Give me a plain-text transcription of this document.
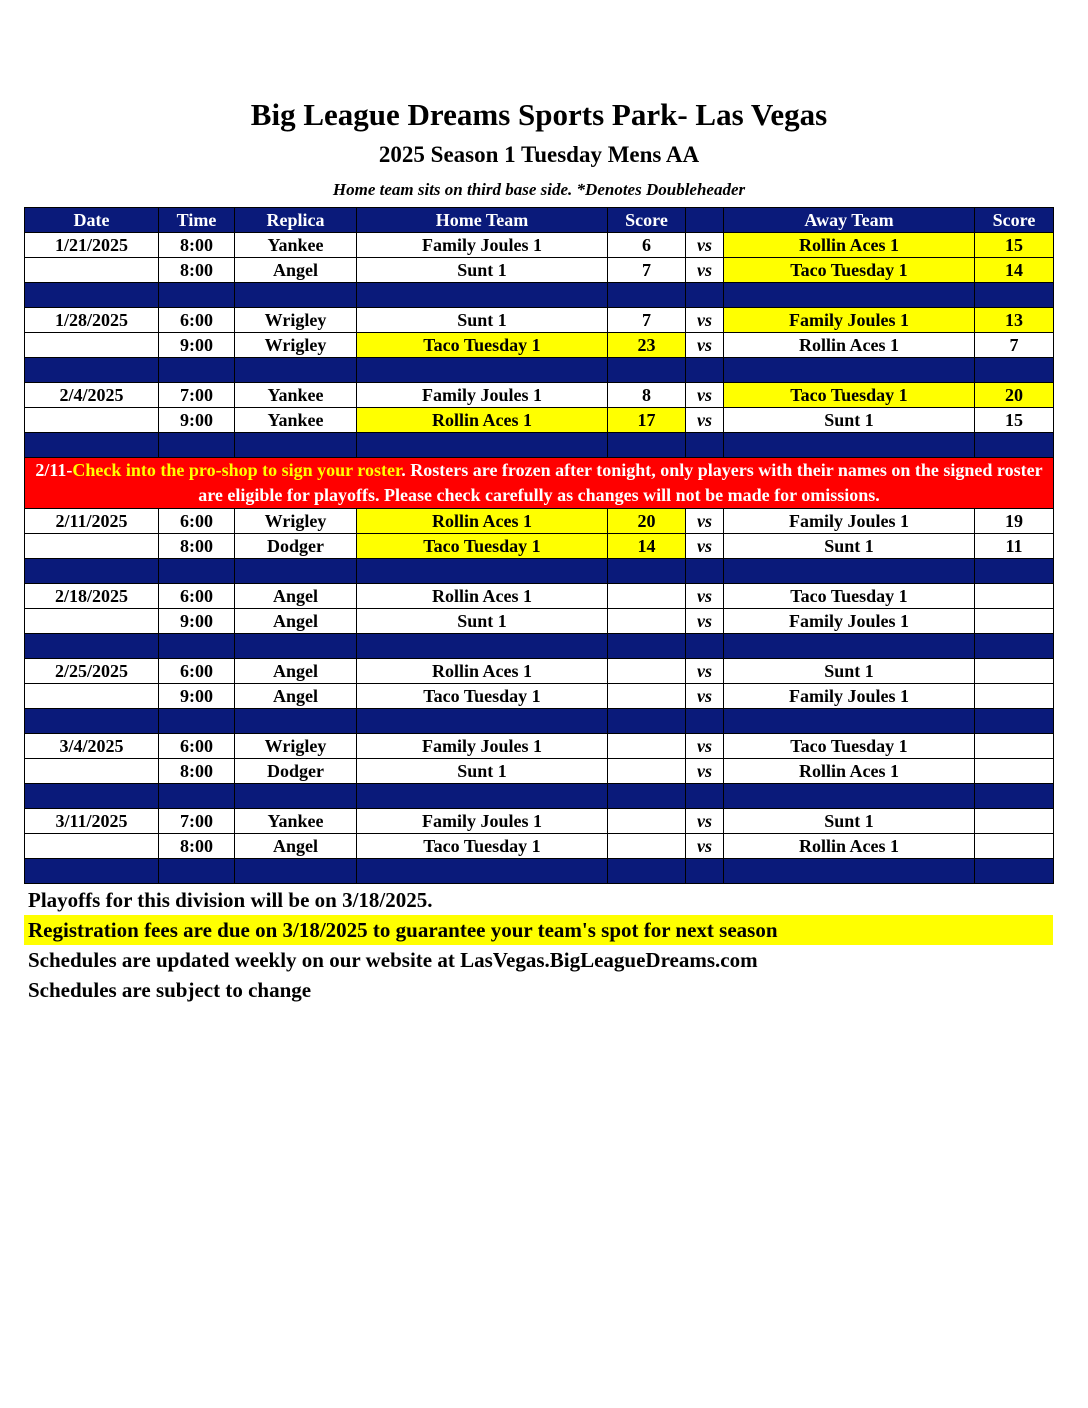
Big League Dreams Sports Park- Las Vegas
2025 Season 1 Tuesday Mens AA
Home team sits on third base side. *Denotes Doubleheader
Date	Time	Replica	Home Team	Score		Away Team	Score
1/21/2025	8:00	Yankee	Family Joules 1	6	vs	Rollin Aces 1	15
	8:00	Angel	Sunt 1	7	vs	Taco Tuesday 1	14

1/28/2025	6:00	Wrigley	Sunt 1	7	vs	Family Joules 1	13
	9:00	Wrigley	Taco Tuesday 1	23	vs	Rollin Aces 1	7

2/4/2025	7:00	Yankee	Family Joules 1	8	vs	Taco Tuesday 1	20
	9:00	Yankee	Rollin Aces 1	17	vs	Sunt 1	15

2/11-Check into the pro-shop to sign your roster. Rosters are frozen after tonight, only players with their names on the signed roster are eligible for playoffs. Please check carefully as changes will not be made for omissions.							
2/11/2025	6:00	Wrigley	Rollin Aces 1	20	vs	Family Joules 1	19
	8:00	Dodger	Taco Tuesday 1	14	vs	Sunt 1	11

2/18/2025	6:00	Angel	Rollin Aces 1		vs	Taco Tuesday 1	
	9:00	Angel	Sunt 1		vs	Family Joules 1	

2/25/2025	6:00	Angel	Rollin Aces 1		vs	Sunt 1	
	9:00	Angel	Taco Tuesday 1		vs	Family Joules 1	

3/4/2025	6:00	Wrigley	Family Joules 1		vs	Taco Tuesday 1	
	8:00	Dodger	Sunt 1		vs	Rollin Aces 1	

3/11/2025	7:00	Yankee	Family Joules 1		vs	Sunt 1	
	8:00	Angel	Taco Tuesday 1		vs	Rollin Aces 1	

Playoffs for this division will be on 3/18/2025.
Registration fees are due on 3/18/2025 to guarantee your team's spot for next season
Schedules are updated weekly on our website at LasVegas.BigLeagueDreams.com
Schedules are subject to change
